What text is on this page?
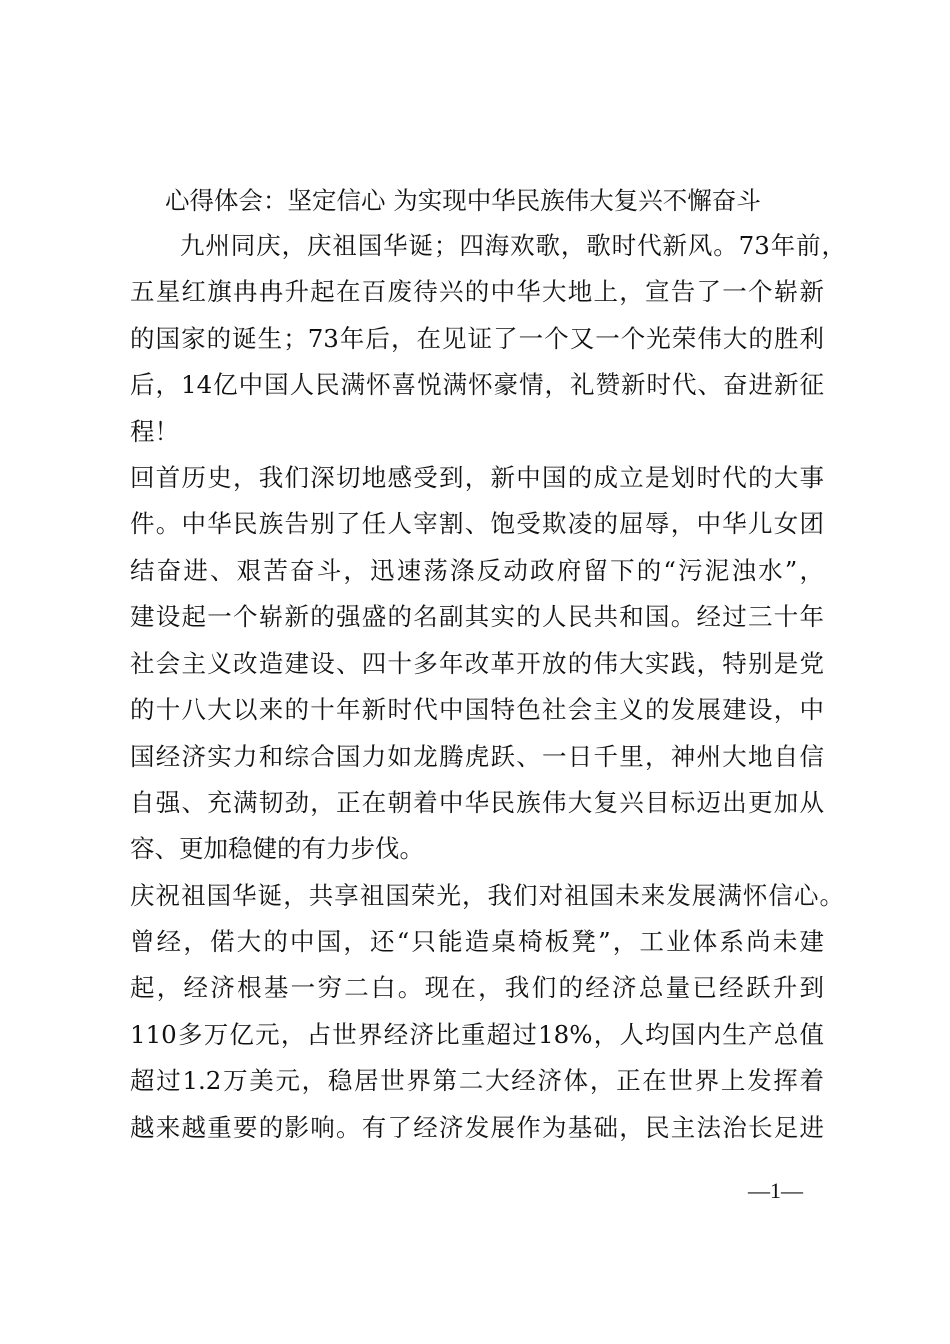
心得体会：坚定信心 为实现中华民族伟大复兴不懈奋斗
九州同庆，庆祖国华诞；四海欢歌，歌时代新风。73年前，
五星红旗冉冉升起在百废待兴的中华大地上，宣告了一个崭新
的国家的诞生；73年后，在见证了一个又一个光荣伟大的胜利
后，14亿中国人民满怀喜悦满怀豪情，礼赞新时代、奋进新征
程！
回首历史，我们深切地感受到，新中国的成立是划时代的大事
件。中华民族告别了任人宰割、饱受欺凌的屈辱，中华儿女团
结奋进、艰苦奋斗，迅速荡涤反动政府留下的“污泥浊水”，
建设起一个崭新的强盛的名副其实的人民共和国。经过三十年
社会主义改造建设、四十多年改革开放的伟大实践，特别是党
的十八大以来的十年新时代中国特色社会主义的发展建设，中
国经济实力和综合国力如龙腾虎跃、一日千里，神州大地自信
自强、充满韧劲，正在朝着中华民族伟大复兴目标迈出更加从
容、更加稳健的有力步伐。
庆祝祖国华诞，共享祖国荣光，我们对祖国未来发展满怀信心。
曾经，偌大的中国，还“只能造桌椅板凳”，工业体系尚未建
起，经济根基一穷二白。现在，我们的经济总量已经跃升到
110多万亿元，占世界经济比重超过18%，人均国内生产总值
超过1.2万美元，稳居世界第二大经济体，正在世界上发挥着
越来越重要的影响。有了经济发展作为基础，民主法治长足进
—1—
